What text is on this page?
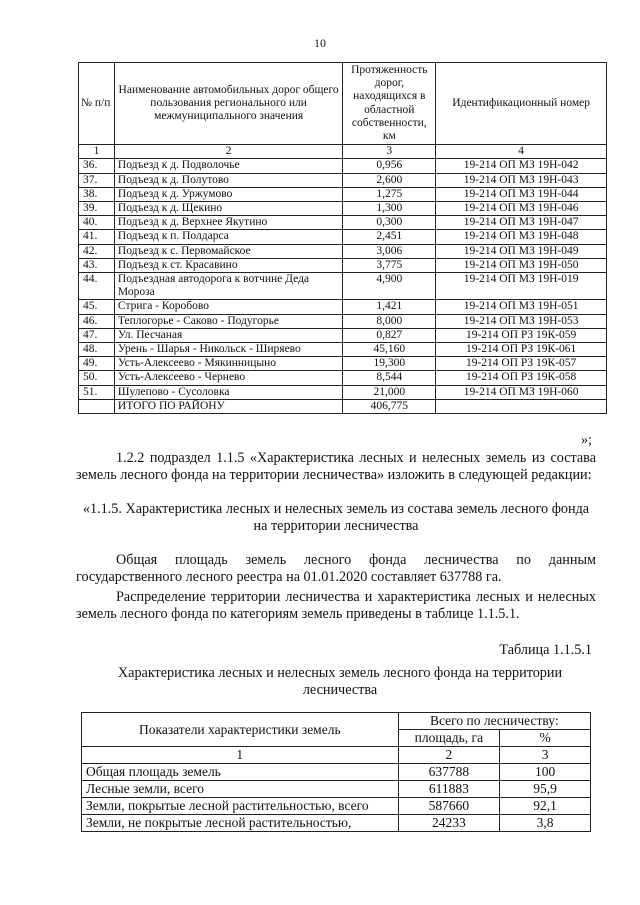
10
№ п/п	Наименование автомобильных дорог общего пользования регионального или межмуниципального значения	Протяженность дорог, находящихся в областной собственности, км	Идентификационный номер
1	2	3	4
36.	Подъезд к д. Подволочье	0,956	19-214 ОП МЗ 19Н-042
37.	Подъезд к д. Полутово	2,600	19-214 ОП МЗ 19Н-043
38.	Подъезд к д. Уржумово	1,275	19-214 ОП МЗ 19Н-044
39.	Подъезд к д. Щекино	1,300	19-214 ОП МЗ 19Н-046
40.	Подъезд к д. Верхнее Якутино	0,300	19-214 ОП МЗ 19Н-047
41.	Подъезд к п. Полдарса	2,451	19-214 ОП МЗ 19Н-048
42.	Подъезд к с. Первомайское	3,006	19-214 ОП МЗ 19Н-049
43.	Подъезд к ст. Красавино	3,775	19-214 ОП МЗ 19Н-050
44.	Подъездная автодорога к вотчине Деда Мороза	4,900	19-214 ОП МЗ 19Н-019
45.	Стрига - Коробово	1,421	19-214 ОП МЗ 19Н-051
46.	Теплогорье - Саково - Подугорье	8,000	19-214 ОП МЗ 19Н-053
47.	Ул. Песчаная	0,827	19-214 ОП РЗ 19К-059
48.	Урень - Шарья - Никольск - Ширяево	45,160	19-214 ОП РЗ 19К-061
49.	Усть-Алексеево - Мякинницыно	19,300	19-214 ОП РЗ 19К-057
50.	Усть-Алексеево - Чернево	8,544	19-214 ОП РЗ 19К-058
51.	Шулепово - Сусоловка	21,000	19-214 ОП МЗ 19Н-060
	ИТОГО ПО РАЙОНУ	406,775	

»;

1.2.2 подраздел 1.1.5 «Характеристика лесных и нелесных земель из состава земель лесного фонда на территории лесничества» изложить в следующей редакции:

«1.1.5. Характеристика лесных и нелесных земель из состава земель лесного фонда на территории лесничества

Общая площадь земель лесного фонда лесничества по данным государственного лесного реестра на 01.01.2020 составляет 637788 га.

Распределение территории лесничества и характеристика лесных и нелесных земель лесного фонда по категориям земель приведены в таблице 1.1.5.1.

Таблица 1.1.5.1

Характеристика лесных и нелесных земель лесного фонда на территории лесничества

Показатели характеристики земель	Всего по лесничеству:	
	площадь, га	%
1	2	3
Общая площадь земель	637788	100
Лесные земли, всего	611883	95,9
Земли, покрытые лесной растительностью, всего	587660	92,1
Земли, не покрытые лесной растительностью,	24233	3,8
